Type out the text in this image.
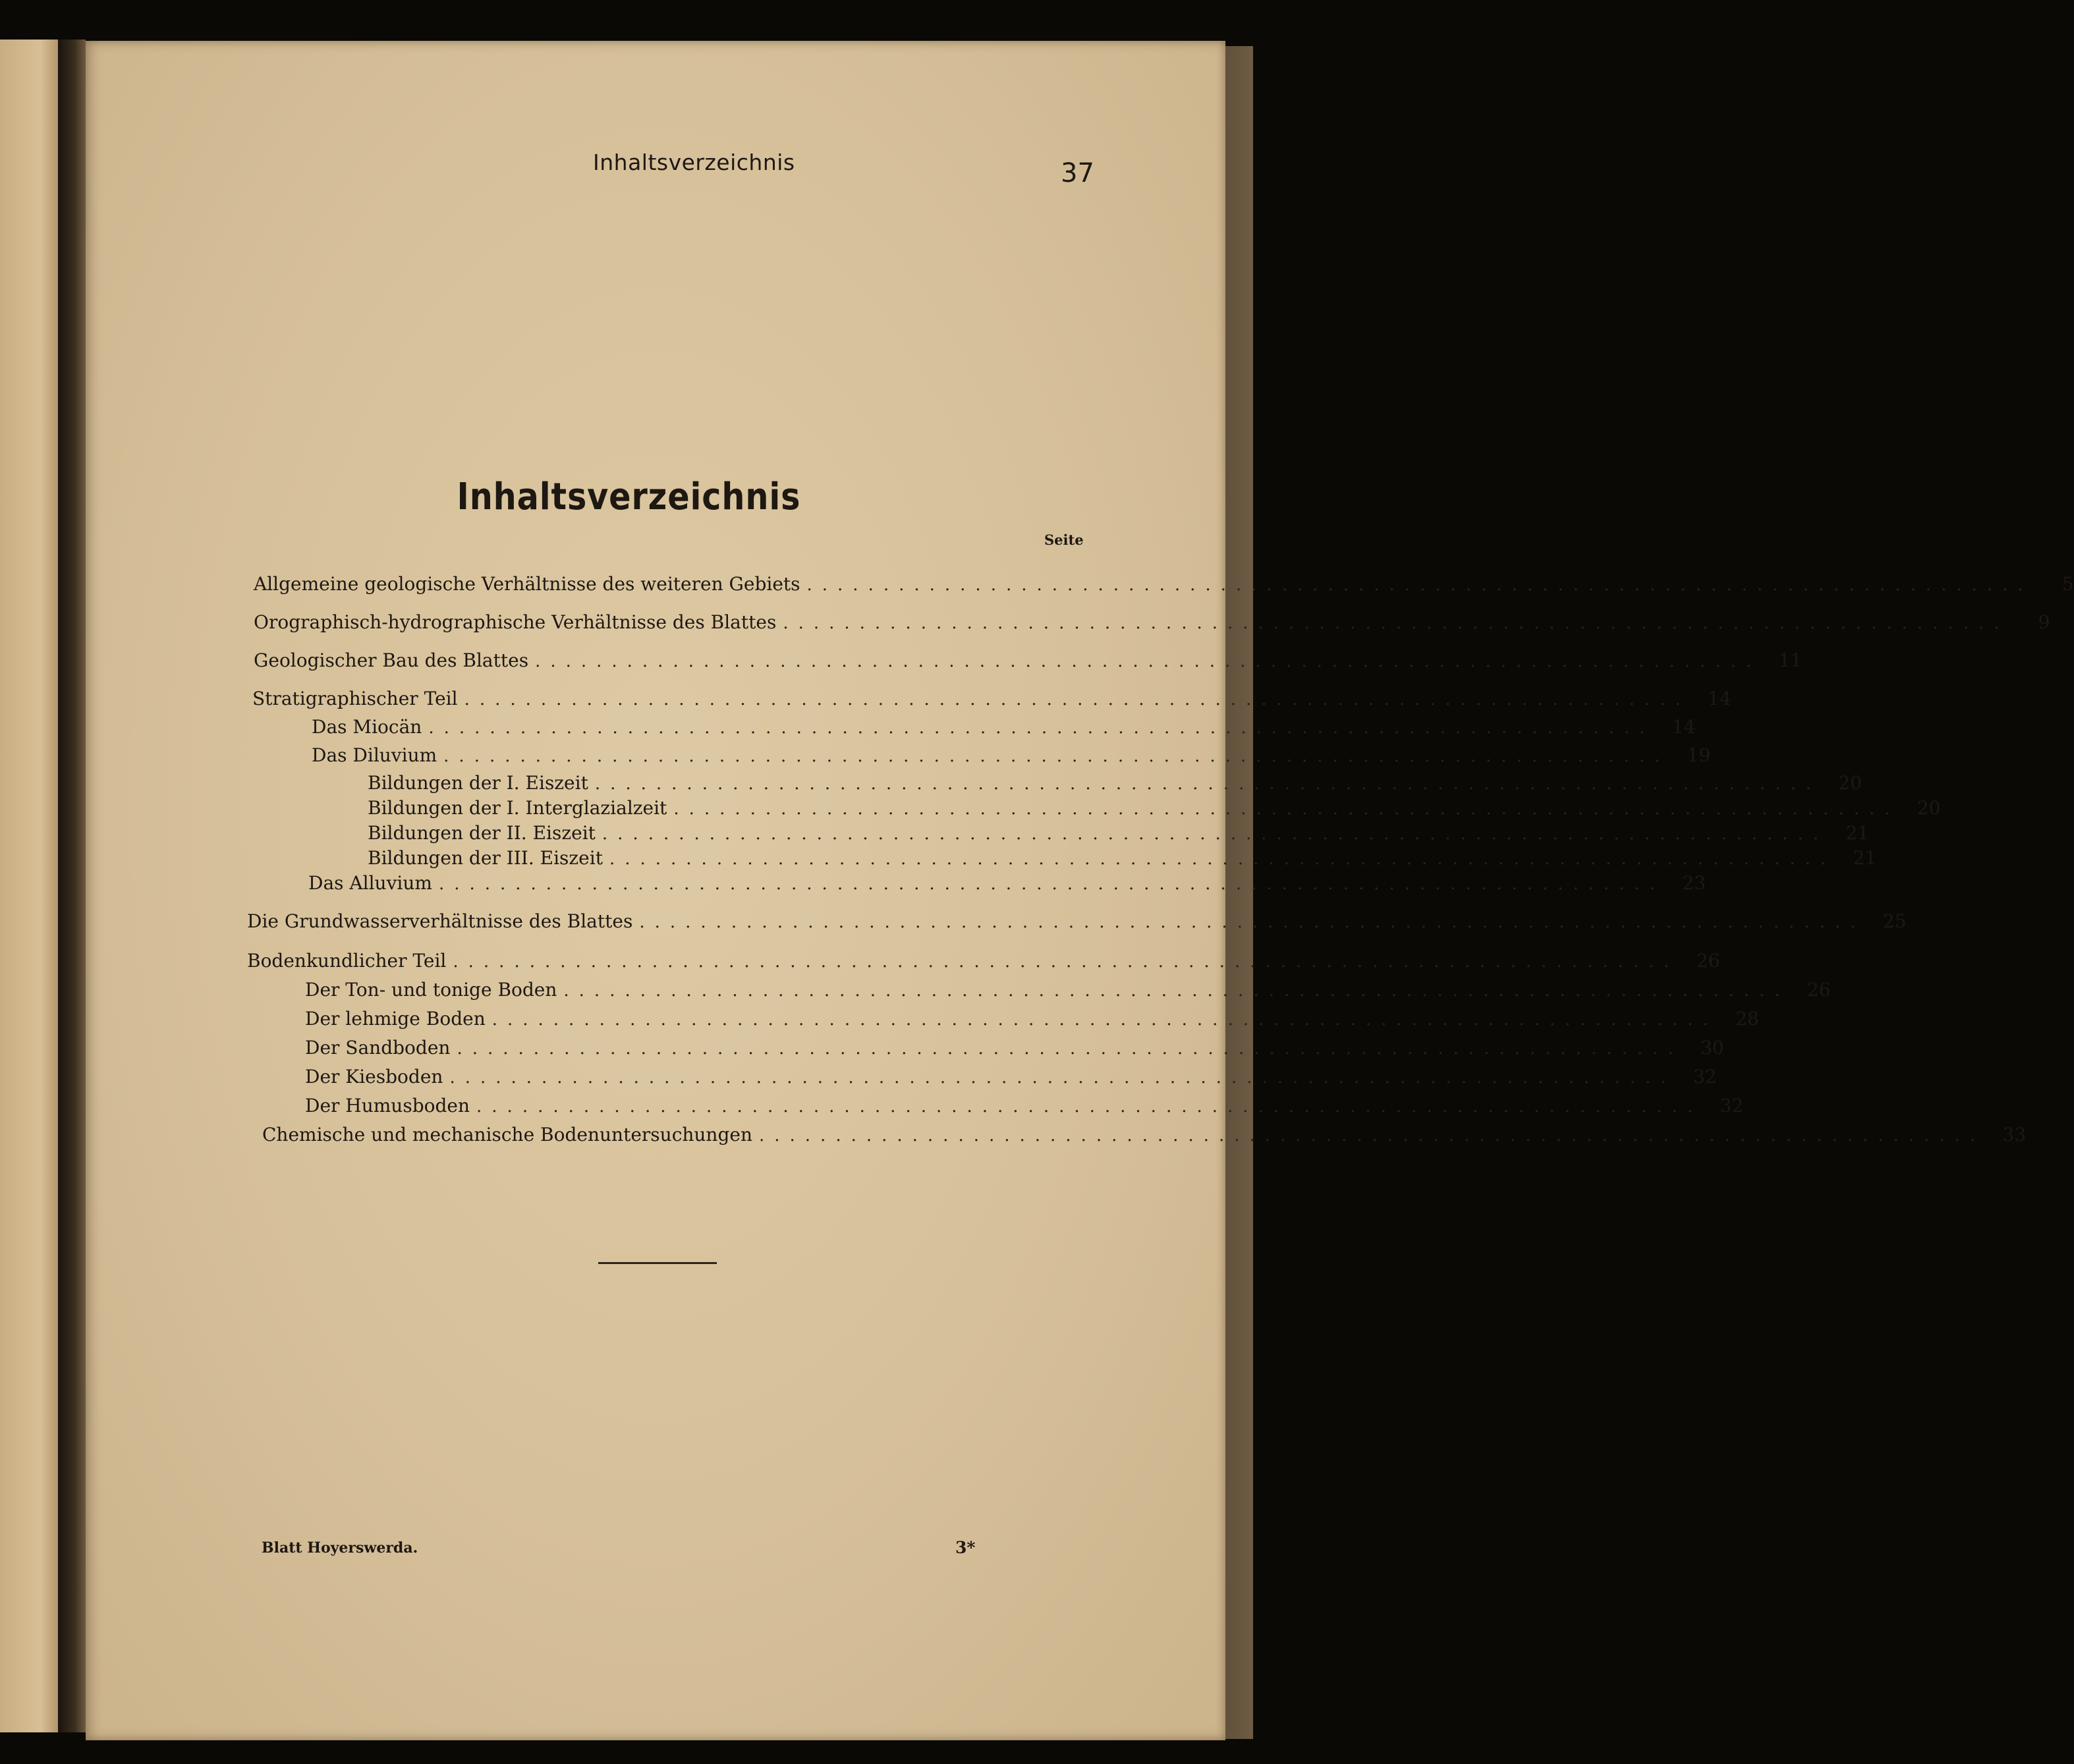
Inhaltsverzeichnis	37
Inhaltsverzeichnis
Seite
Allgemeine geologische Verhältnisse des weiteren Gebiets ................................................................................	5
Orographisch-hydrographische Verhältnisse des Blattes ................................................................................	9
Geologischer Bau des Blattes ................................................................................ 11
Stratigraphischer Teil ................................................................................ 14
Das Miocän ................................................................................ 14
Das Diluvium ................................................................................ 19
Bildungen der I. Eiszeit ................................................................................ 20
Bildungen der I. Interglazialzeit ................................................................................ 20
Bildungen der II. Eiszeit ................................................................................ 21
Bildungen der III. Eiszeit ................................................................................ 21
Das Alluvium ................................................................................ 23
Die Grundwasserverhältnisse des Blattes ................................................................................ 25
Bodenkundlicher Teil ................................................................................ 26
Der Ton- und tonige Boden ................................................................................ 26
Der lehmige Boden ................................................................................ 28
Der Sandboden ................................................................................ 30
Der Kiesboden ................................................................................ 32
Der Humusboden ................................................................................ 32
Chemische und mechanische Bodenuntersuchungen ................................................................................ 33
Blatt Hoyerswerda.	3*
